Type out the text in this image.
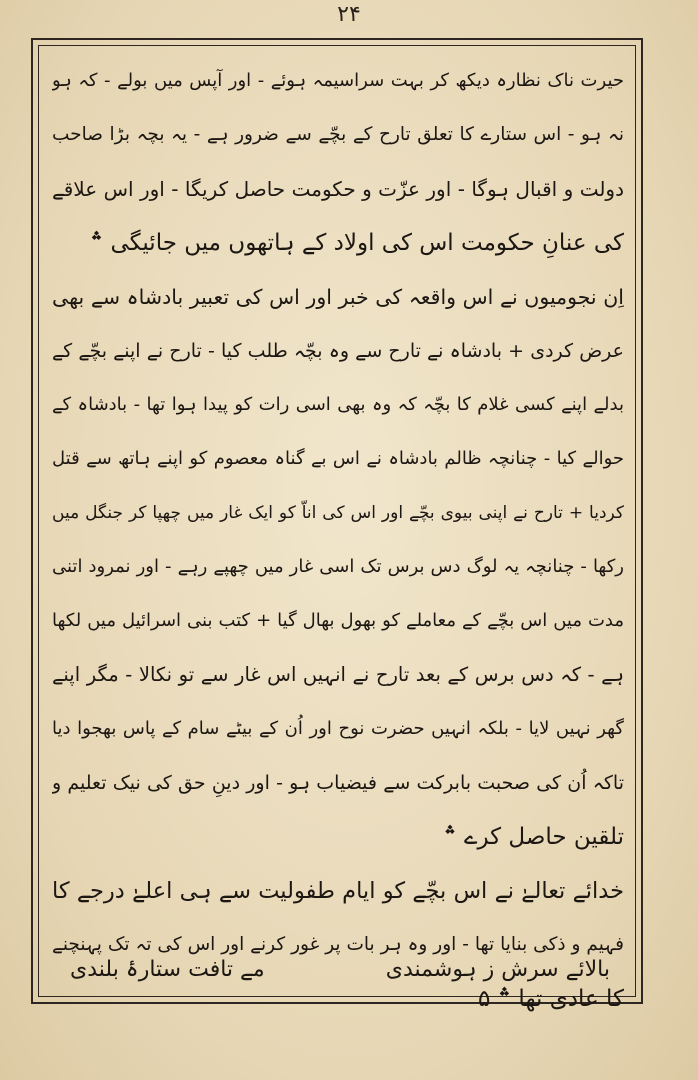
۲۴
حیرت ناک نظارہ دیکھ کر بہت سراسیمہ ہوئے - اور آپس میں بولے - کہ ہو
نہ ہو - اس ستارے کا تعلق تارح کے بچّے سے ضرور ہے - یہ بچہ بڑا صاحب
دولت و اقبال ہوگا - اور عزّت و حکومت حاصل کریگا - اور اس علاقے
کی عنانِ حکومت اس کی اولاد کے ہاتھوں میں جائیگی ؞
اِن نجومیوں نے اس واقعہ کی خبر اور اس کی تعبیر بادشاہ سے بھی
عرض کردی + بادشاہ نے تارح سے وہ بچّہ طلب کیا - تارح نے اپنے بچّے کے
بدلے اپنے کسی غلام کا بچّہ کہ وہ بھی اسی رات کو پیدا ہوا تھا - بادشاہ کے
حوالے کیا - چنانچہ ظالم بادشاہ نے اس بے گناہ معصوم کو اپنے ہاتھ سے قتل
کردیا + تارح نے اپنی بیوی بچّے اور اس کی اناّ کو ایک غار میں چھپا کر جنگل میں
رکھا - چنانچہ یہ لوگ دس برس تک اسی غار میں چھپے رہے - اور نمرود اتنی
مدت میں اس بچّے کے معاملے کو بھول بھال گیا + کتب بنی اسرائیل میں لکھا
ہے - کہ دس برس کے بعد تارح نے انہیں اس غار سے تو نکالا - مگر اپنے
گھر نہیں لایا - بلکہ انہیں حضرت نوح اور اُن کے بیٹے سام کے پاس بھجوا دیا
تاکہ اُن کی صحبت بابرکت سے فیضیاب ہو - اور دینِ حق کی نیک تعلیم و
تلقین حاصل کرے ؞
خدائے تعالےٰ نے اس بچّے کو ایام طفولیت سے ہی اعلےٰ درجے کا
فہیم و ذکی بنایا تھا - اور وہ ہر بات پر غور کرنے اور اس کی تہ تک پہنچنے
کا عادی تھا ؞ ۵
بالائے سرش ز ہوشمندی
مے تافت ستارۂ بلندی
